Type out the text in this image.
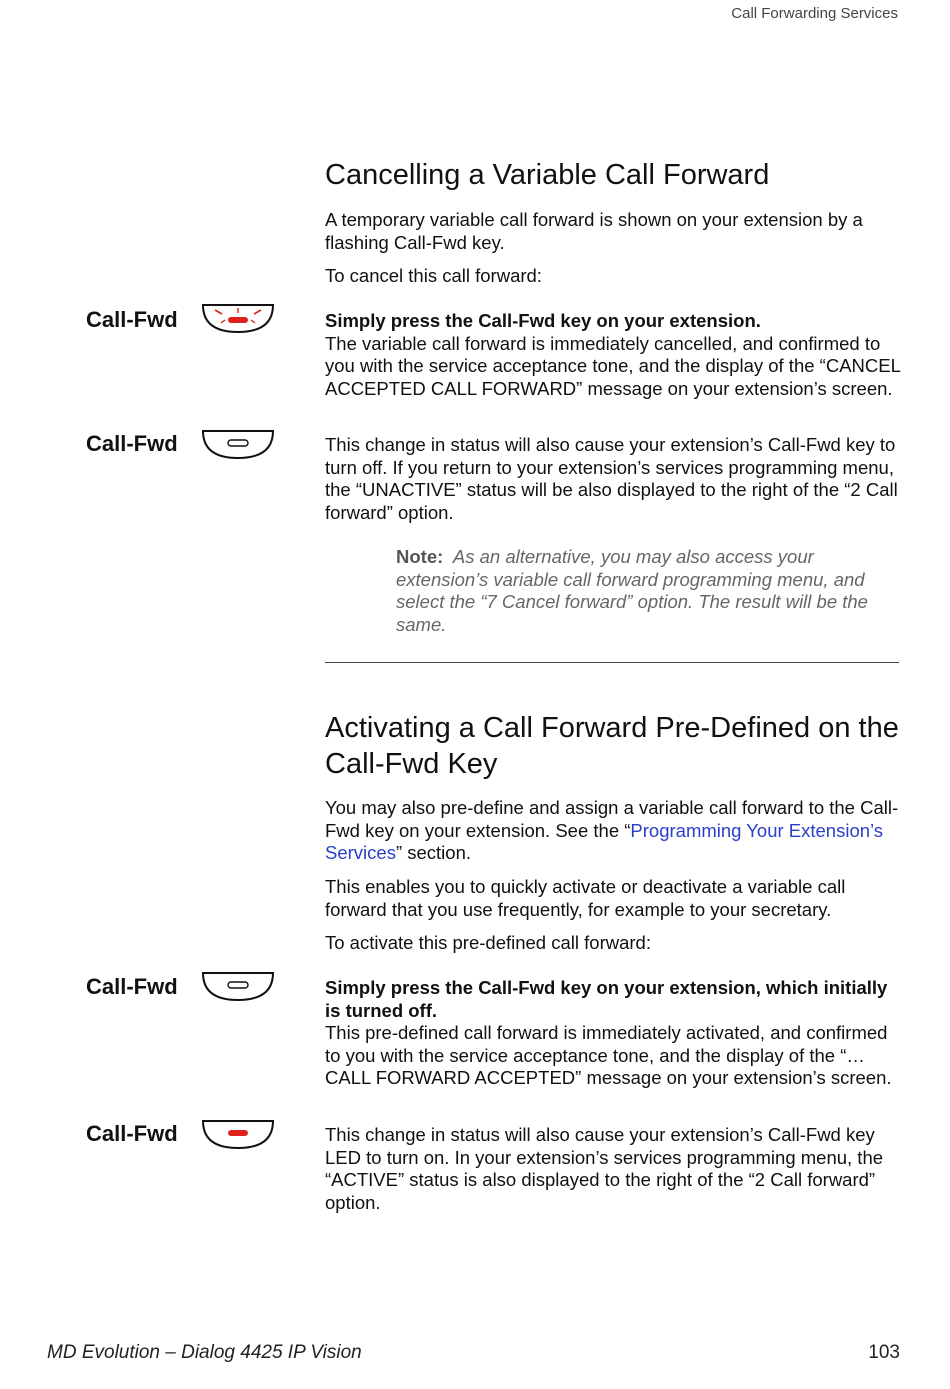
Call Forwarding Services
Cancelling a Variable Call Forward

A temporary variable call forward is shown on your extension by a flashing Call-Fwd key.

To cancel this call forward:

Call-Fwd	Simply press the Call-Fwd key on your extension.
The variable call forward is immediately cancelled, and confirmed to you with the service acceptance tone, and the display of the “CANCEL ACCEPTED CALL FORWARD” message on your extension’s screen.

Call-Fwd	This change in status will also cause your extension’s Call-Fwd key to turn off. If you return to your extension’s services programming menu, the “UNACTIVE” status will be also displayed to the right of the “2 Call forward” option.

Note: As an alternative, you may also access your extension’s variable call forward programming menu, and select the “7 Cancel forward” option. The result will be the same.

Activating a Call Forward Pre-Defined on the Call-Fwd Key

You may also pre-define and assign a variable call forward to the Call-Fwd key on your extension. See the “Programming Your Extension’s Services” section.

This enables you to quickly activate or deactivate a variable call forward that you use frequently, for example to your secretary.

To activate this pre-defined call forward:

Call-Fwd	Simply press the Call-Fwd key on your extension, which initially is turned off.
This pre-defined call forward is immediately activated, and confirmed to you with the service acceptance tone, and the display of the “…CALL FORWARD ACCEPTED” message on your extension’s screen.

Call-Fwd	This change in status will also cause your extension’s Call-Fwd key LED to turn on. In your extension’s services programming menu, the “ACTIVE” status is also displayed to the right of the “2 Call forward” option.

MD Evolution – Dialog 4425 IP Vision	103
